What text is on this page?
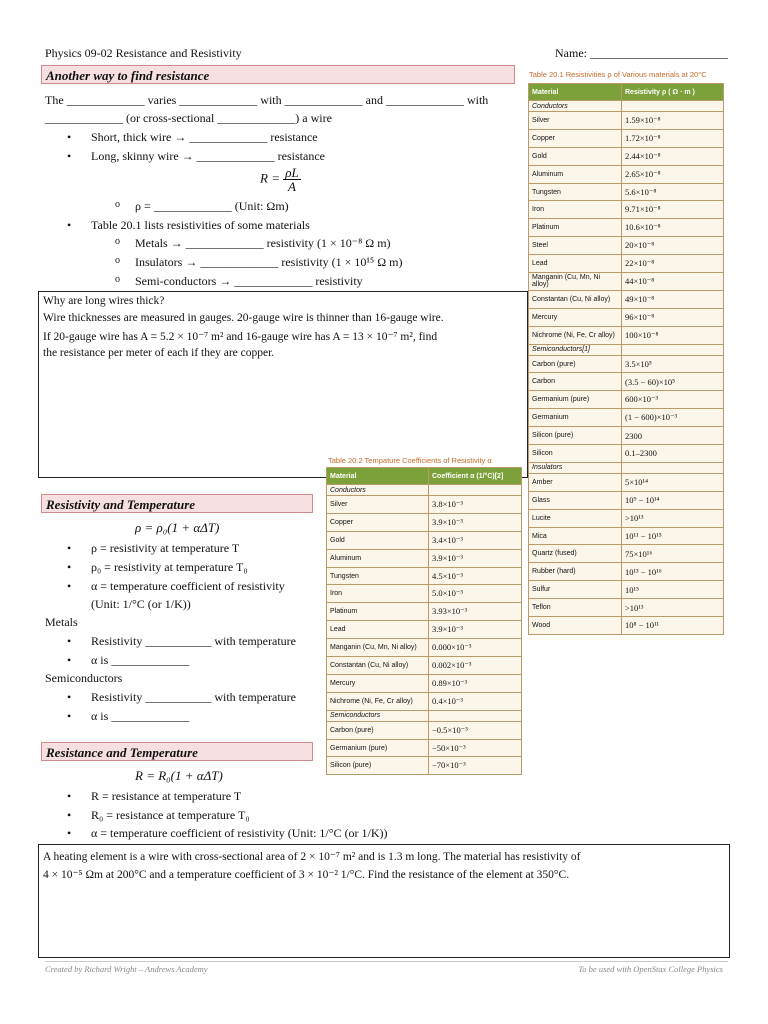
Physics 09-02 Resistance and Resistivity	Name: _______________________
Another way to find resistance
The _____________ varies _____________ with _____________ and _____________ with
_____________ (or cross-sectional _____________) a wire
• Short, thick wire → _____________ resistance
• Long, skinny wire → _____________ resistance
$R = \frac{\rho L}{A}$
o ρ = _____________ (Unit: Ωm)
• Table 20.1 lists resistivities of some materials
o Metals → _____________ resistivity (1 × 10⁻⁸ Ω m)
o Insulators → _____________ resistivity (1 × 10¹⁵ Ω m)
o Semi-conductors → _____________ resistivity
Why are long wires thick?
Wire thicknesses are measured in gauges. 20-gauge wire is thinner than 16-gauge wire.
If 20-gauge wire has A = 5.2 × 10⁻⁷ m² and 16-gauge wire has A = 13 × 10⁻⁷ m², find
the resistance per meter of each if they are copper.
Resistivity and Temperature
ρ = ρ₀(1 + αΔT)
• ρ = resistivity at temperature T
• ρ₀ = resistivity at temperature T₀
• α = temperature coefficient of resistivity
(Unit: 1/°C (or 1/K))
Metals
• Resistivity ___________ with temperature
• α is _____________
Semiconductors
• Resistivity ___________ with temperature
• α is _____________
Resistance and Temperature
R = R₀(1 + αΔT)
• R = resistance at temperature T
• R₀ = resistance at temperature T₀
• α = temperature coefficient of resistivity (Unit: 1/°C (or 1/K))
A heating element is a wire with cross-sectional area of 2 × 10⁻⁷ m² and is 1.3 m long. The material has resistivity of
4 × 10⁻⁵ Ωm at 200°C and a temperature coefficient of 3 × 10⁻² 1/°C. Find the resistance of the element at 350°C.
Table 20.1 Resistivities ρ of Various materials at 20°C
Material	Resistivity ρ ( Ω · m )
Conductors	
Silver	1.59×10⁻⁸
Copper	1.72×10⁻⁸
Gold	2.44×10⁻⁸
Aluminum	2.65×10⁻⁸
Tungsten	5.6×10⁻⁸
Iron	9.71×10⁻⁸
Platinum	10.6×10⁻⁸
Steel	20×10⁻⁸
Lead	22×10⁻⁸
Manganin (Cu, Mn, Ni alloy)	44×10⁻⁸
Constantan (Cu, Ni alloy)	49×10⁻⁸
Mercury	96×10⁻⁸
Nichrome (Ni, Fe, Cr alloy)	100×10⁻⁸
Semiconductors[1]	
Carbon (pure)	3.5×10⁵
Carbon	(3.5 − 60)×10⁵
Germanium (pure)	600×10⁻³
Germanium	(1 − 600)×10⁻³
Silicon (pure)	2300
Silicon	0.1–2300
Insulators	
Amber	5×10¹⁴
Glass	10⁹ − 10¹⁴
Lucite	>10¹³
Mica	10¹¹ − 10¹⁵
Quartz (fused)	75×10¹⁶
Rubber (hard)	10¹³ − 10¹⁶
Sulfur	10¹⁵
Teflon	>10¹³
Wood	10⁸ − 10¹¹
Table 20.2 Tempature Coefficients of Resistivity α
Material	Coefficient α (1/°C)[2]
Conductors	
Silver	3.8×10⁻³
Copper	3.9×10⁻³
Gold	3.4×10⁻³
Aluminum	3.9×10⁻³
Tungsten	4.5×10⁻³
Iron	5.0×10⁻³
Platinum	3.93×10⁻³
Lead	3.9×10⁻³
Manganin (Cu, Mn, Ni alloy)	0.000×10⁻³
Constantan (Cu, Ni alloy)	0.002×10⁻³
Mercury	0.89×10⁻³
Nichrome (Ni, Fe, Cr alloy)	0.4×10⁻³
Semiconductors	
Carbon (pure)	−0.5×10⁻³
Germanium (pure)	−50×10⁻³
Silicon (pure)	−70×10⁻³
Created by Richard Wright – Andrews Academy	To be used with OpenStax College Physics
